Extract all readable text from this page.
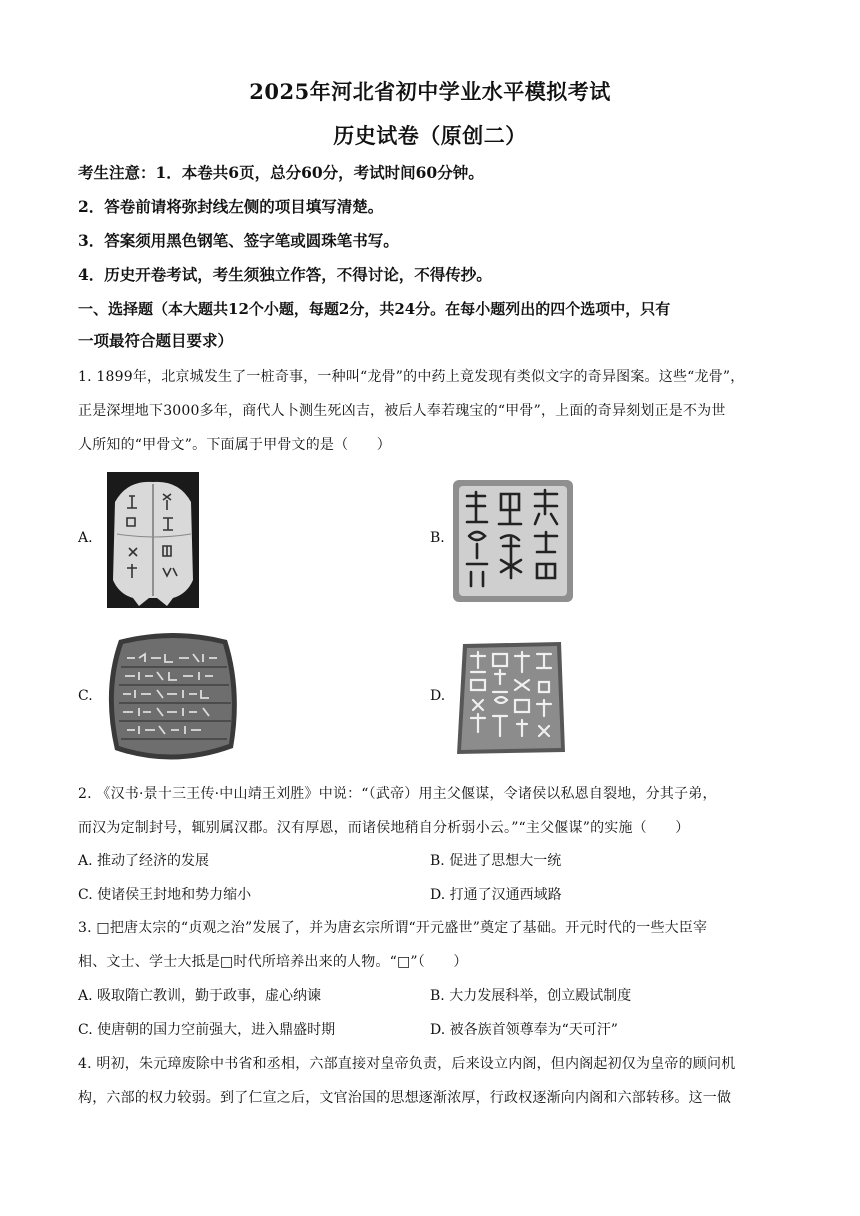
2025年河北省初中学业水平模拟考试
历史试卷（原创二）
考生注意：1．本卷共6页，总分60分，考试时间60分钟。
2．答卷前请将弥封线左侧的项目填写清楚。
3．答案须用黑色钢笔、签字笔或圆珠笔书写。
4．历史开卷考试，考生须独立作答，不得讨论，不得传抄。
一、选择题（本大题共12个小题，每题2分，共24分。在每小题列出的四个选项中，只有
一项最符合题目要求）
1. 1899年，北京城发生了一桩奇事，一种叫“龙骨”的中药上竟发现有类似文字的奇异图案。这些“龙骨”，
正是深埋地下3000多年，商代人卜测生死凶吉，被后人奉若瑰宝的“甲骨”，上面的奇异刻划正是不为世
人所知的“甲骨文”。下面属于甲骨文的是（　　）
A.	B.
C.	D.
2. 《汉书·景十三王传·中山靖王刘胜》中说：“（武帝）用主父偃谋，令诸侯以私恩自裂地，分其子弟，
而汉为定制封号，辄别属汉郡。汉有厚恩，而诸侯地稍自分析弱小云。”“主父偃谋”的实施（　　）
A. 推动了经济的发展	B. 促进了思想大一统
C. 使诸侯王封地和势力缩小	D. 打通了汉通西域路
3. □把唐太宗的“贞观之治”发展了，并为唐玄宗所谓“开元盛世”奠定了基础。开元时代的一些大臣宰
相、文士、学士大抵是□时代所培养出来的人物。“□”（　　）
A. 吸取隋亡教训，勤于政事，虚心纳谏	B. 大力发展科举，创立殿试制度
C. 使唐朝的国力空前强大，进入鼎盛时期	D. 被各族首领尊奉为“天可汗”
4. 明初，朱元璋废除中书省和丞相，六部直接对皇帝负责，后来设立内阁，但内阁起初仅为皇帝的顾问机
构，六部的权力较弱。到了仁宣之后，文官治国的思想逐渐浓厚，行政权逐渐向内阁和六部转移。这一做
